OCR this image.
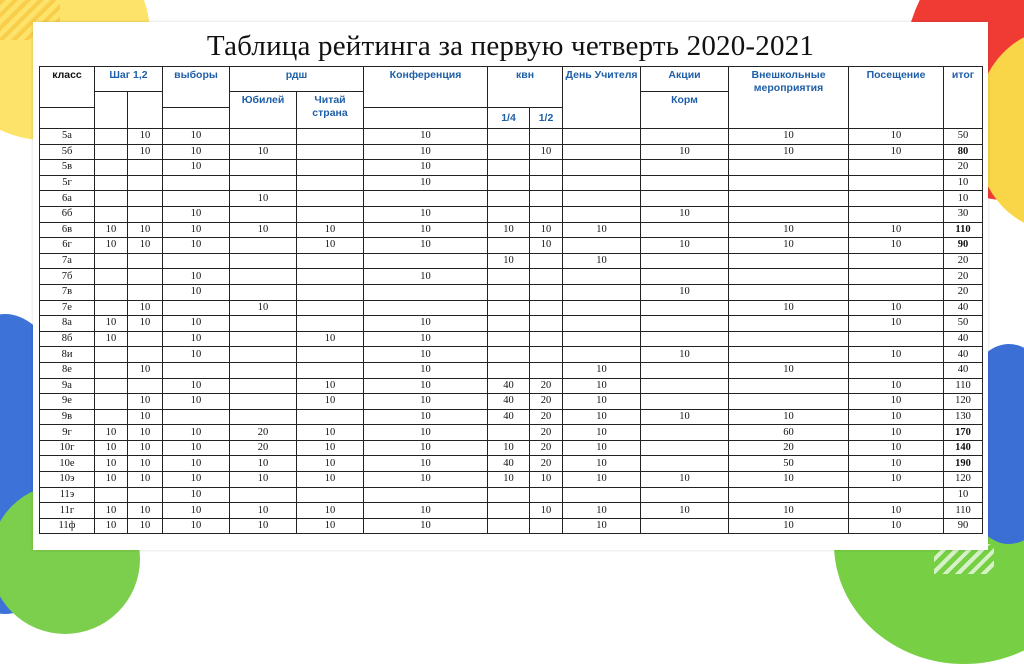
Таблица рейтинга за первую четверть 2020-2021
класс	Шаг 1,2		выборы	рдш		Конференция	квн		День Учителя	Акции	Внешкольные мероприятия	Посещение	итог
				Юбилей	Читай страна					Корм			
							1/4	1/2					
5а		10	10			10					10	10	50
5б		10	10	10		10		10		10	10	10	80
5в			10			10							20
5г						10							10
6а				10									10
6б			10			10				10			30
6в	10	10	10	10	10	10	10	10	10		10	10	110
6г	10	10	10		10	10		10		10	10	10	90
7а							10		10				20
7б			10			10							20
7в			10							10			20
7е		10		10							10	10	40
8а	10	10	10			10						10	50
8б	10		10		10	10							40
8и			10			10				10		10	40
8е		10				10			10		10		40
9а			10		10	10	40	20	10			10	110
9е		10	10		10	10	40	20	10			10	120
9в		10				10	40	20	10	10	10	10	130
9г	10	10	10	20	10	10		20	10		60	10	170
10г	10	10	10	20	10	10	10	20	10		20	10	140
10е	10	10	10	10	10	10	40	20	10		50	10	190
10э	10	10	10	10	10	10	10	10	10	10	10	10	120
11э			10										10
11г	10	10	10	10	10	10		10	10	10	10	10	110
11ф	10	10	10	10	10	10			10		10	10	90
